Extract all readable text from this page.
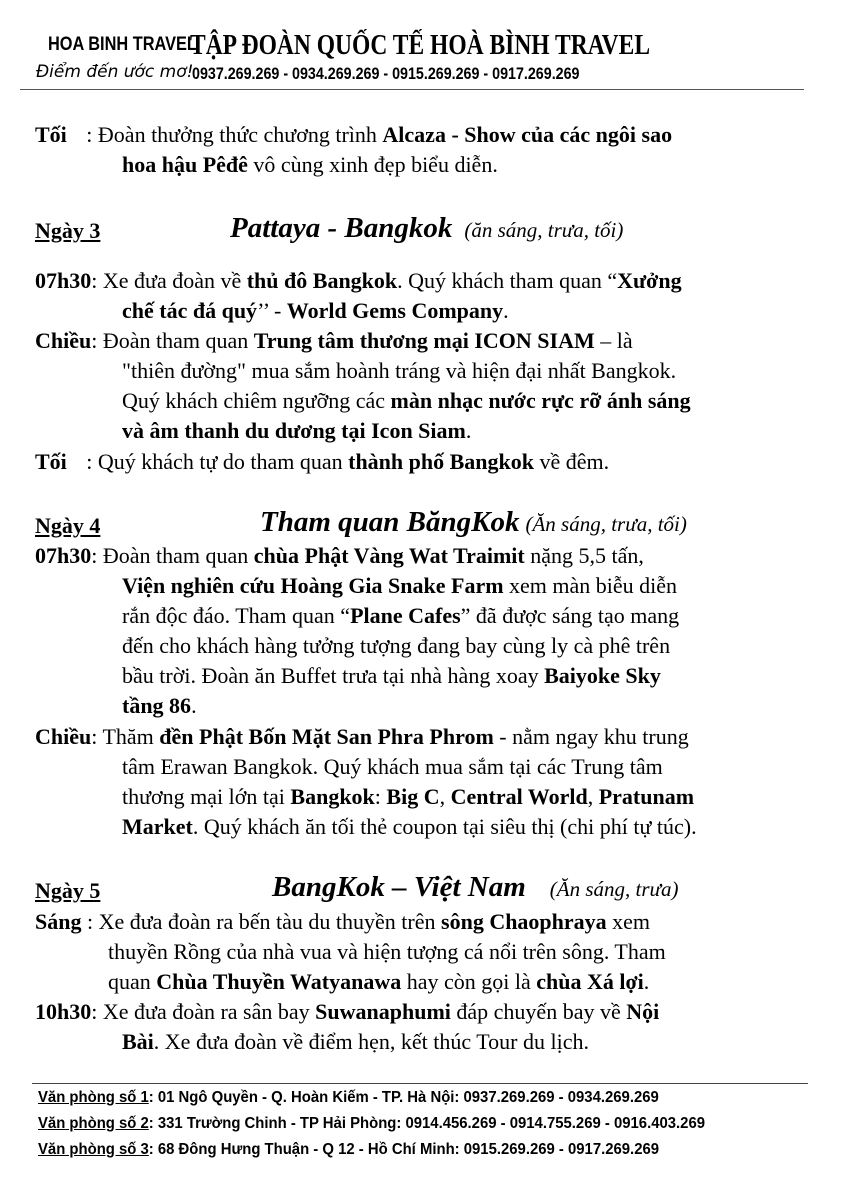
HOA BINH TRAVEL
Điểm đến ước mơ!
TẬP ĐOÀN QUỐC TẾ HOÀ BÌNH TRAVEL
0937.269.269 - 0934.269.269 - 0915.269.269 - 0917.269.269
Tối : Đoàn thưởng thức chương trình Alcaza - Show của các ngôi sao
hoa hậu Pêđê vô cùng xinh đẹp biểu diễn.
Ngày 3	Pattaya - Bangkok (ăn sáng, trưa, tối)
07h30: Xe đưa đoàn về thủ đô Bangkok. Quý khách tham quan “Xưởng
chế tác đá quý’’ - World Gems Company.
Chiều: Đoàn tham quan Trung tâm thương mại ICON SIAM – là
"thiên đường" mua sắm hoành tráng và hiện đại nhất Bangkok.
Quý khách chiêm ngưỡng các màn nhạc nước rực rỡ ánh sáng
và âm thanh du dương tại Icon Siam.
Tối : Quý khách tự do tham quan thành phố Bangkok về đêm.
Ngày 4	Tham quan BăngKok (Ăn sáng, trưa, tối)
07h30: Đoàn tham quan chùa Phật Vàng Wat Traimit nặng 5,5 tấn,
Viện nghiên cứu Hoàng Gia Snake Farm xem màn biễu diễn
rắn độc đáo. Tham quan “Plane Cafes” đã được sáng tạo mang
đến cho khách hàng tưởng tượng đang bay cùng ly cà phê trên
bầu trời. Đoàn ăn Buffet trưa tại nhà hàng xoay Baiyoke Sky
tầng 86.
Chiều: Thăm đền Phật Bốn Mặt San Phra Phrom - nằm ngay khu trung
tâm Erawan Bangkok. Quý khách mua sắm tại các Trung tâm
thương mại lớn tại Bangkok: Big C, Central World, Pratunam
Market. Quý khách ăn tối thẻ coupon tại siêu thị (chi phí tự túc).
Ngày 5	BangKok – Việt Nam (Ăn sáng, trưa)
Sáng : Xe đưa đoàn ra bến tàu du thuyền trên sông Chaophraya xem
thuyền Rồng của nhà vua và hiện tượng cá nổi trên sông. Tham
quan Chùa Thuyền Watyanawa hay còn gọi là chùa Xá lợi.
10h30: Xe đưa đoàn ra sân bay Suwanaphumi đáp chuyến bay về Nội
Bài. Xe đưa đoàn về điểm hẹn, kết thúc Tour du lịch.
Văn phòng số 1: 01 Ngô Quyền - Q. Hoàn Kiếm - TP. Hà Nội: 0937.269.269 - 0934.269.269
Văn phòng số 2: 331 Trường Chinh - TP Hải Phòng: 0914.456.269 - 0914.755.269 - 0916.403.269
Văn phòng số 3: 68 Đông Hưng Thuận - Q 12 - Hồ Chí Minh: 0915.269.269 - 0917.269.269
